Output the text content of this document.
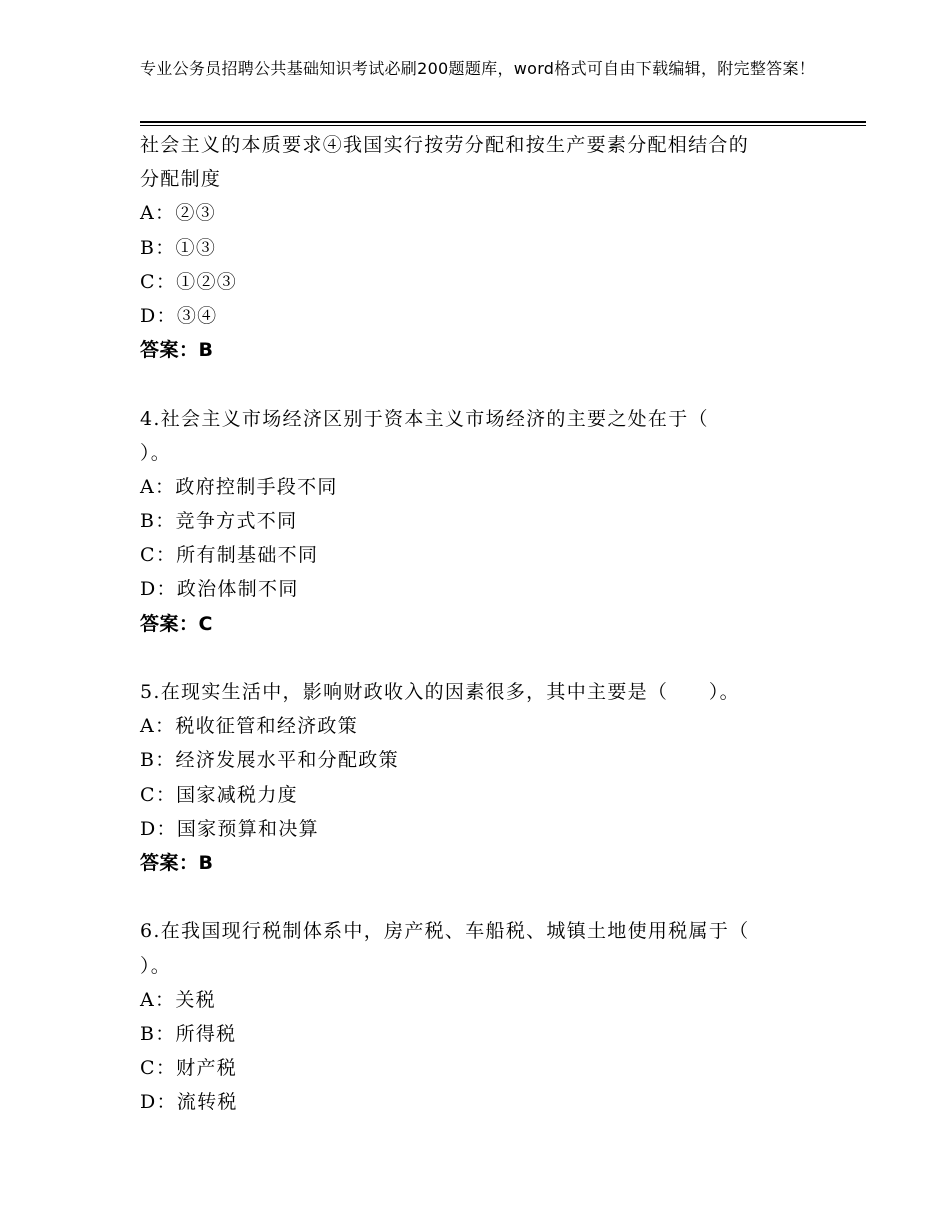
专业公务员招聘公共基础知识考试必刷200题题库，word格式可自由下载编辑，附完整答案！
社会主义的本质要求④我国实行按劳分配和按生产要素分配相结合的
分配制度
A：②③
B：①③
C：①②③
D：③④
答案：B
4.社会主义市场经济区别于资本主义市场经济的主要之处在于（
）。
A：政府控制手段不同
B：竞争方式不同
C：所有制基础不同
D：政治体制不同
答案：C
5.在现实生活中，影响财政收入的因素很多，其中主要是（　　）。
A：税收征管和经济政策
B：经济发展水平和分配政策
C：国家减税力度
D：国家预算和决算
答案：B
6.在我国现行税制体系中，房产税、车船税、城镇土地使用税属于（
）。
A：关税
B：所得税
C：财产税
D：流转税
